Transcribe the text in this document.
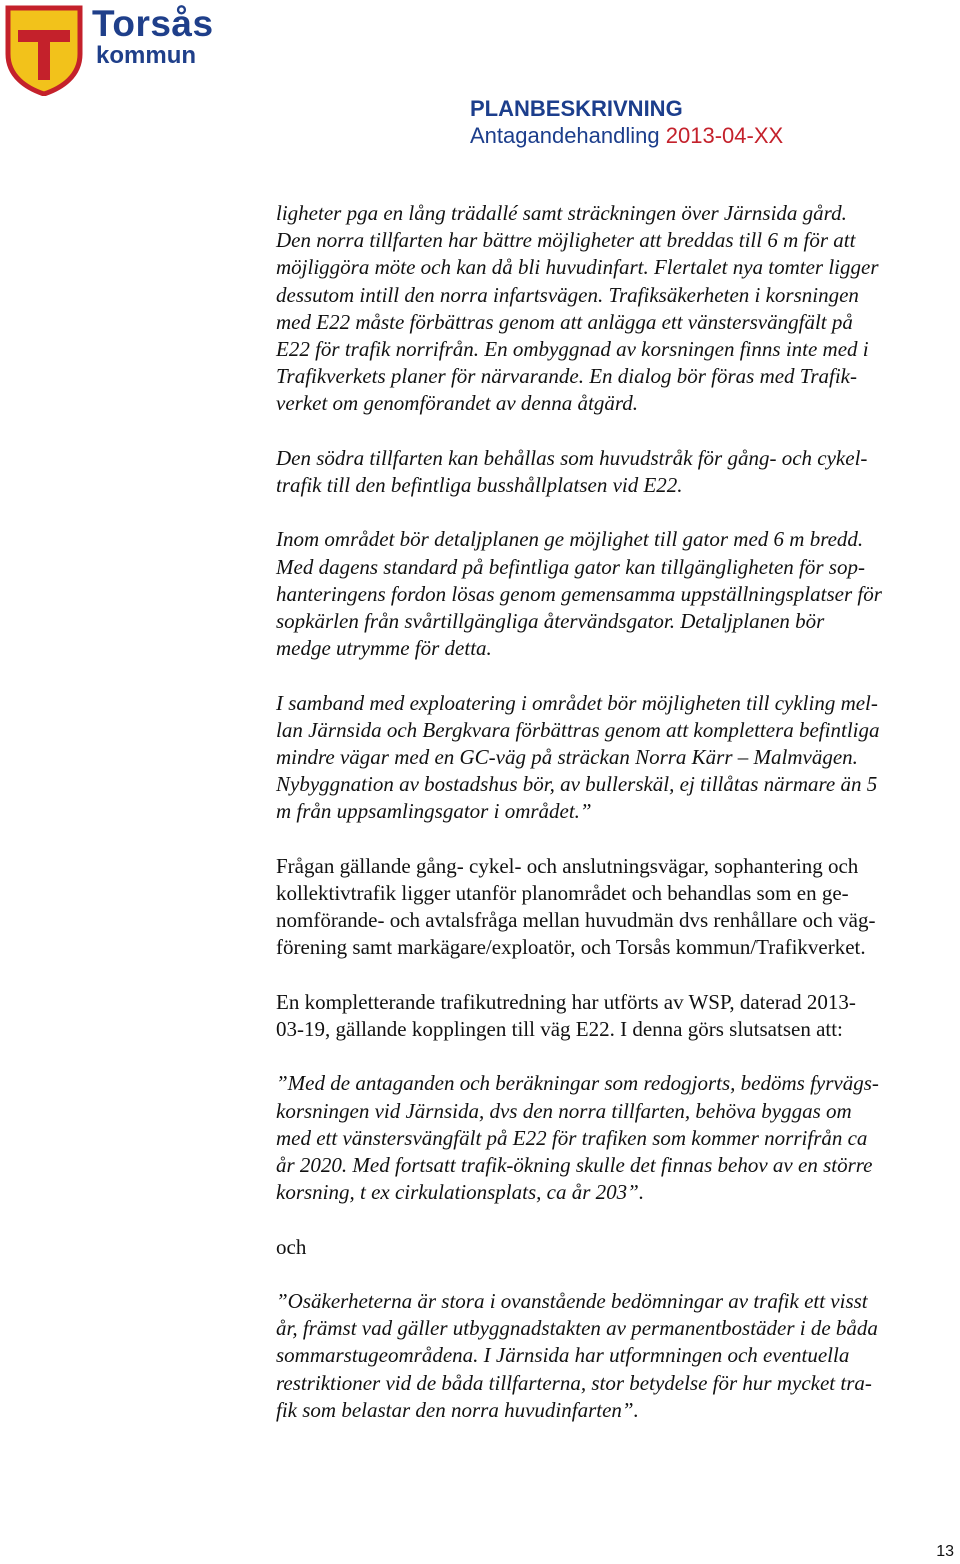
Torsås
kommun
PLANBESKRIVNING
Antagandehandling 2013-04-XX

ligheter pga en lång trädallé samt sträckningen över Järnsida gård.
Den norra tillfarten har bättre möjligheter att breddas till 6 m för att
möjliggöra möte och kan då bli huvudinfart. Flertalet nya tomter ligger
dessutom intill den norra infartsvägen. Trafiksäkerheten i korsningen
med E22 måste förbättras genom att anlägga ett vänstersvängfält på
E22 för trafik norrifrån. En ombyggnad av korsningen finns inte med i
Trafikverkets planer för närvarande. En dialog bör föras med Trafik-
verket om genomförandet av denna åtgärd.

Den södra tillfarten kan behållas som huvudstråk för gång- och cykel-
trafik till den befintliga busshållplatsen vid E22.

Inom området bör detaljplanen ge möjlighet till gator med 6 m bredd.
Med dagens standard på befintliga gator kan tillgängligheten för sop-
hanteringens fordon lösas genom gemensamma uppställningsplatser för
sopkärlen från svårtillgängliga återvändsgator. Detaljplanen bör
medge utrymme för detta.

I samband med exploatering i området bör möjligheten till cykling mel-
lan Järnsida och Bergkvara förbättras genom att komplettera befintliga
mindre vägar med en GC-väg på sträckan Norra Kärr – Malmvägen.
Nybyggnation av bostadshus bör, av bullerskäl, ej tillåtas närmare än 5
m från uppsamlingsgator i området.”

Frågan gällande gång- cykel- och anslutningsvägar, sophantering och
kollektivtrafik ligger utanför planområdet och behandlas som en ge-
nomförande- och avtalsfråga mellan huvudmän dvs renhållare och väg-
förening samt markägare/exploatör, och Torsås kommun/Trafikverket.

En kompletterande trafikutredning har utförts av WSP, daterad 2013-
03-19, gällande kopplingen till väg E22. I denna görs slutsatsen att:

”Med de antaganden och beräkningar som redogjorts, bedöms fyrvägs-
korsningen vid Järnsida, dvs den norra tillfarten, behöva byggas om
med ett vänstersvängfält på E22 för trafiken som kommer norrifrån ca
år 2020. Med fortsatt trafik-ökning skulle det finnas behov av en större
korsning, t ex cirkulationsplats, ca år 203”.

och

”Osäkerheterna är stora i ovanstående bedömningar av trafik ett visst
år, främst vad gäller utbyggnadstakten av permanentbostäder i de båda
sommarstugeområdena. I Järnsida har utformningen och eventuella
restriktioner vid de båda tillfarterna, stor betydelse för hur mycket tra-
fik som belastar den norra huvudinfarten”.

13
